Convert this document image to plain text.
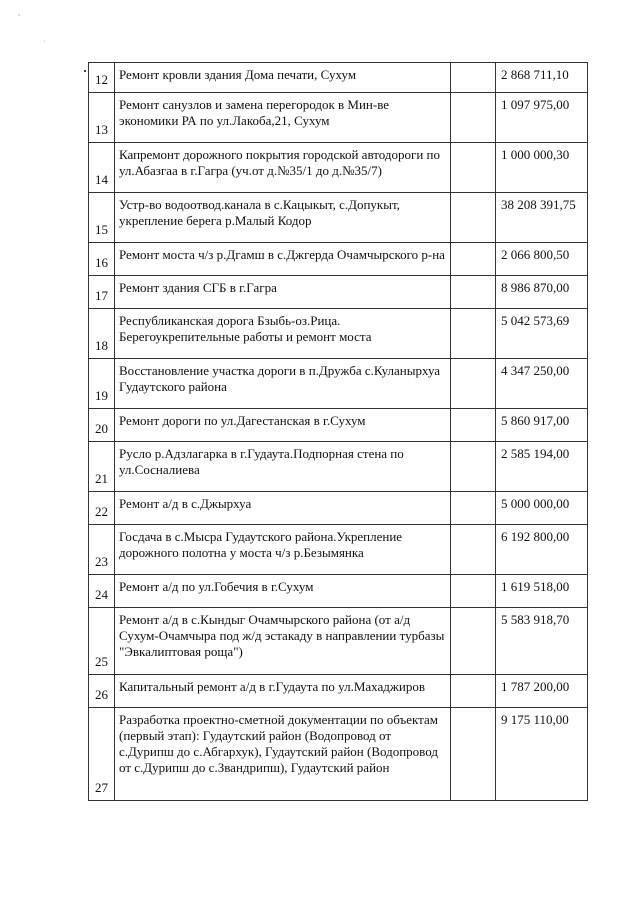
12	Ремонт кровли здания Дома печати, Сухум		2 868 711,10
13	Ремонт санузлов и замена перегородок в Мин-ве экономики РА по ул.Лакоба,21, Сухум		1 097 975,00
14	Капремонт дорожного покрытия городской автодороги по ул.Абазгаа в г.Гагра (уч.от д.№35/1 до д.№35/7)		1 000 000,30
15	Устр-во водоотвод.канала в с.Кацыкыт, с.Допукыт, укрепление берега р.Малый Кодор		38 208 391,75
16	Ремонт моста ч/з р.Дгамш в с.Джгерда Очамчырского р-на		2 066 800,50
17	Ремонт здания СГБ в г.Гагра		8 986 870,00
18	Республиканская дорога Бзыбь-оз.Рица. Берегоукрепительные работы и ремонт моста		5 042 573,69
19	Восстановление участка дороги в п.Дружба с.Куланырхуа Гудаутского района		4 347 250,00
20	Ремонт дороги по ул.Дагестанская в г.Сухум		5 860 917,00
21	Русло р.Адзлагарка в г.Гудаута.Подпорная стена по ул.Сосналиева		2 585 194,00
22	Ремонт а/д в с.Джырхуа		5 000 000,00
23	Госдача в с.Мысра Гудаутского района.Укрепление дорожного полотна у моста ч/з р.Безымянка		6 192 800,00
24	Ремонт а/д по ул.Гобечия в г.Сухум		1 619 518,00
25	Ремонт а/д в с.Кындыг Очамчырского района (от а/д Сухум-Очамчыра под ж/д эстакаду в направлении турбазы "Эвкалиптовая роща")		5 583 918,70
26	Капитальный ремонт а/д в г.Гудаута по ул.Махаджиров		1 787 200,00
27	Разработка проектно-сметной документации по объектам (первый этап): Гудаутский район (Водопровод от с.Дурипш до с.Абгархук), Гудаутский район (Водопровод от с.Дурипш до с.Звандрипш), Гудаутский район		9 175 110,00
